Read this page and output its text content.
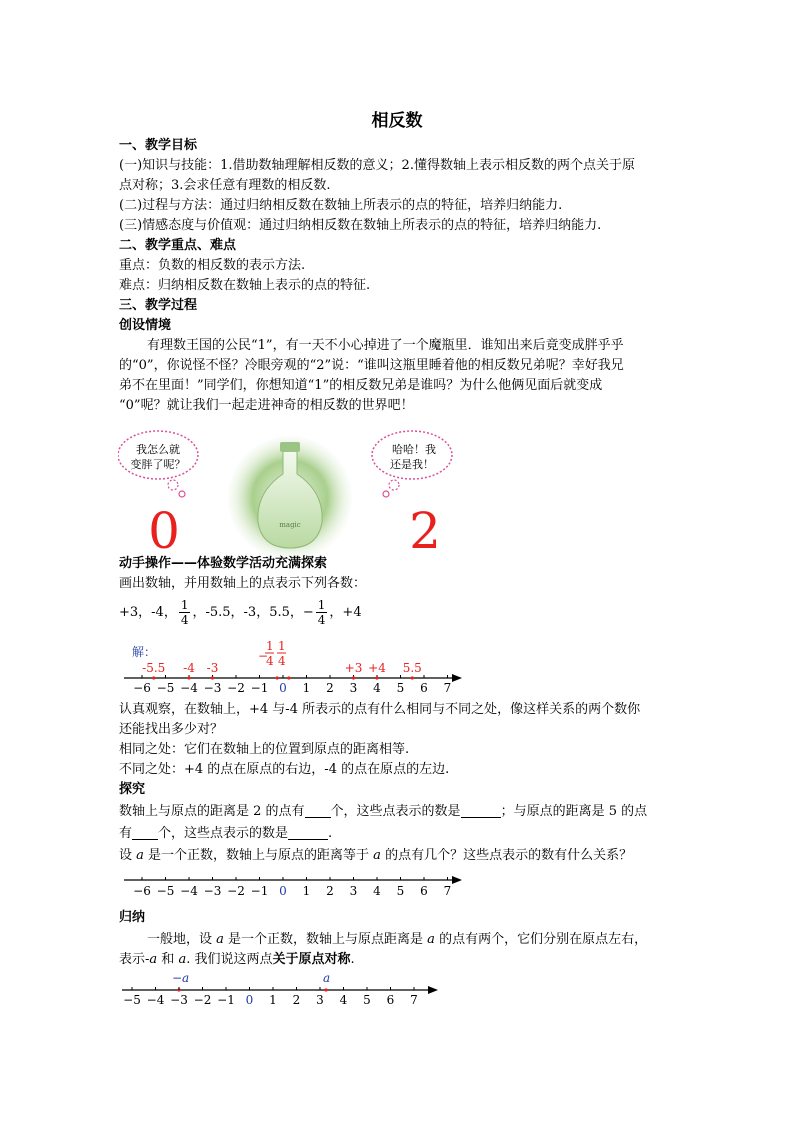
相反数
一、教学目标
(一)知识与技能：1.借助数轴理解相反数的意义；2.懂得数轴上表示相反数的两个点关于原
点对称；3.会求任意有理数的相反数.
(二)过程与方法：通过归纳相反数在数轴上所表示的点的特征，培养归纳能力.
(三)情感态度与价值观：通过归纳相反数在数轴上所表示的点的特征，培养归纳能力.
二、教学重点、难点
重点：负数的相反数的表示方法.
难点：归纳相反数在数轴上表示的点的特征.
三、教学过程
创设情境
有理数王国的公民“1”，有一天不小心掉进了一个魔瓶里．谁知出来后竟变成胖乎乎
的“0”，你说怪不怪？冷眼旁观的“2”说：“谁叫这瓶里睡着他的相反数兄弟呢？幸好我兄
弟不在里面！”同学们，你想知道“1”的相反数兄弟是谁吗？为什么他俩见面后就变成
“0”呢？就让我们一起走进神奇的相反数的世界吧！
我怎么就
变胖了呢？
magic
哈哈！我
还是我！
0	2
动手操作——体验数学活动充满探索
画出数轴，并用数轴上的点表示下列各数：
+3，-4， $\frac{1}{4}$ ，-5.5，-3，5.5，− $\frac{1}{4}$ ，+4
解：
−6 −5 −4 −3 −2 −1 0 1 2 3 4 5 6 7
-5.5 -4 -3	+3 +4 5.5
−
1
4
1
4
认真观察，在数轴上，+4 与-4 所表示的点有什么相同与不同之处，像这样关系的两个数你
还能找出多少对？
相同之处：它们在数轴上的位置到原点的距离相等.
不同之处：+4 的点在原点的右边，-4 的点在原点的左边.
探究
数轴上与原点的距离是 2 的点有 个，这些点表示的数是	；与原点的距离是 5 的点
有 个，这些点表示的数是	.
设 a 是一个正数，数轴上与原点的距离等于 a 的点有几个？这些点表示的数有什么关系？
−6 −5 −4 −3 −2 −1 0 1 2 3 4 5 6 7
归纳
一般地，设 a 是一个正数，数轴上与原点距离是 a 的点有两个，它们分别在原点左右，
表示-a 和 a. 我们说这两点关于原点对称.
−a	a
−5 −4 −3 −2 −1 0 1 2 3 4 5 6 7
